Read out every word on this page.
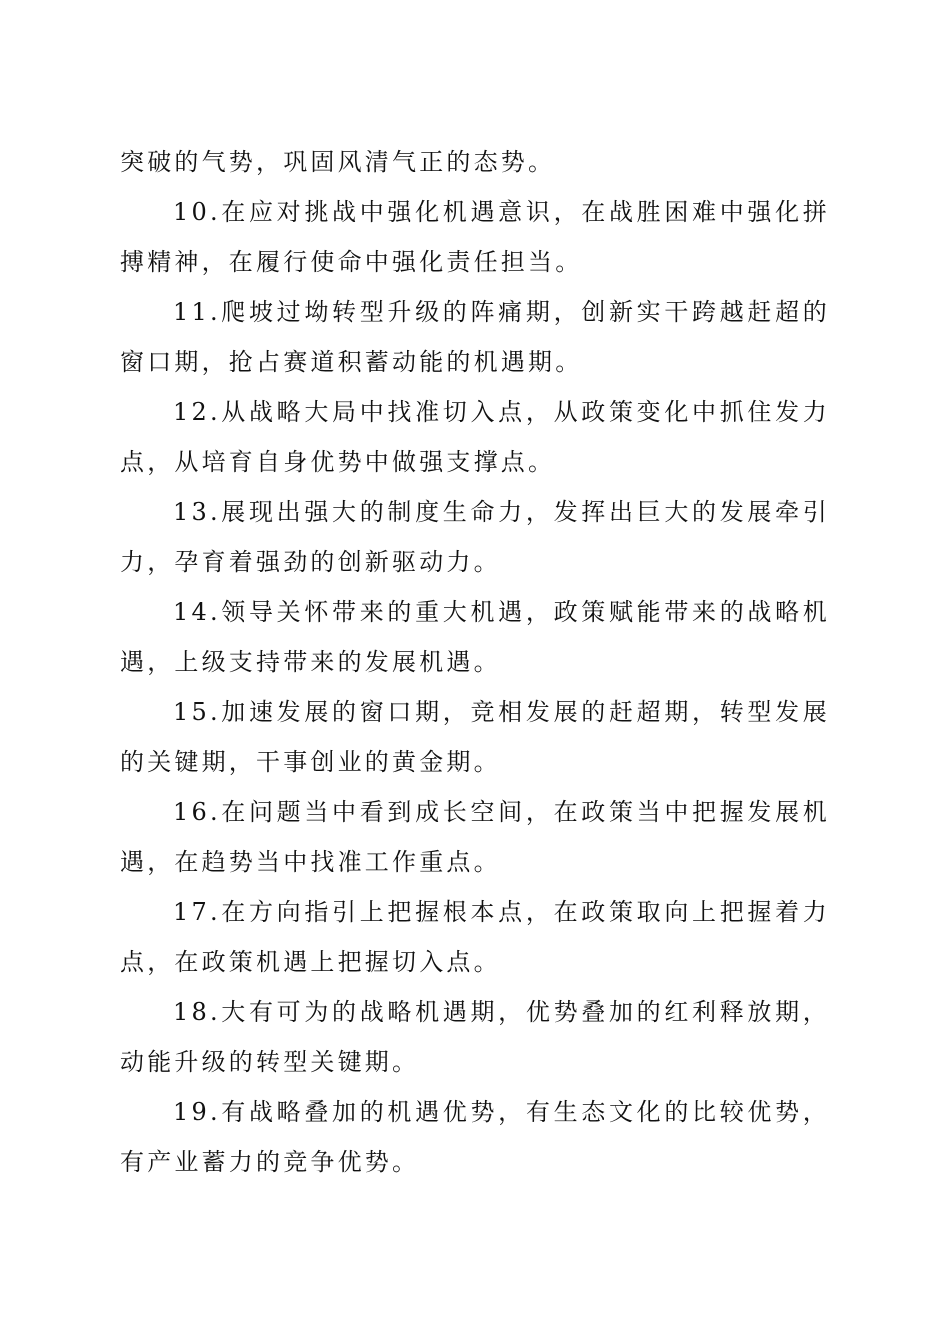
突破的气势，巩固风清气正的态势。

10.在应对挑战中强化机遇意识，在战胜困难中强化拼搏精神，在履行使命中强化责任担当。

11.爬坡过坳转型升级的阵痛期，创新实干跨越赶超的窗口期，抢占赛道积蓄动能的机遇期。

12.从战略大局中找准切入点，从政策变化中抓住发力点，从培育自身优势中做强支撑点。

13.展现出强大的制度生命力，发挥出巨大的发展牵引力，孕育着强劲的创新驱动力。

14.领导关怀带来的重大机遇，政策赋能带来的战略机遇，上级支持带来的发展机遇。

15.加速发展的窗口期，竞相发展的赶超期，转型发展的关键期，干事创业的黄金期。

16.在问题当中看到成长空间，在政策当中把握发展机遇，在趋势当中找准工作重点。

17.在方向指引上把握根本点，在政策取向上把握着力点，在政策机遇上把握切入点。

18.大有可为的战略机遇期，优势叠加的红利释放期，动能升级的转型关键期。

19.有战略叠加的机遇优势，有生态文化的比较优势，有产业蓄力的竞争优势。
